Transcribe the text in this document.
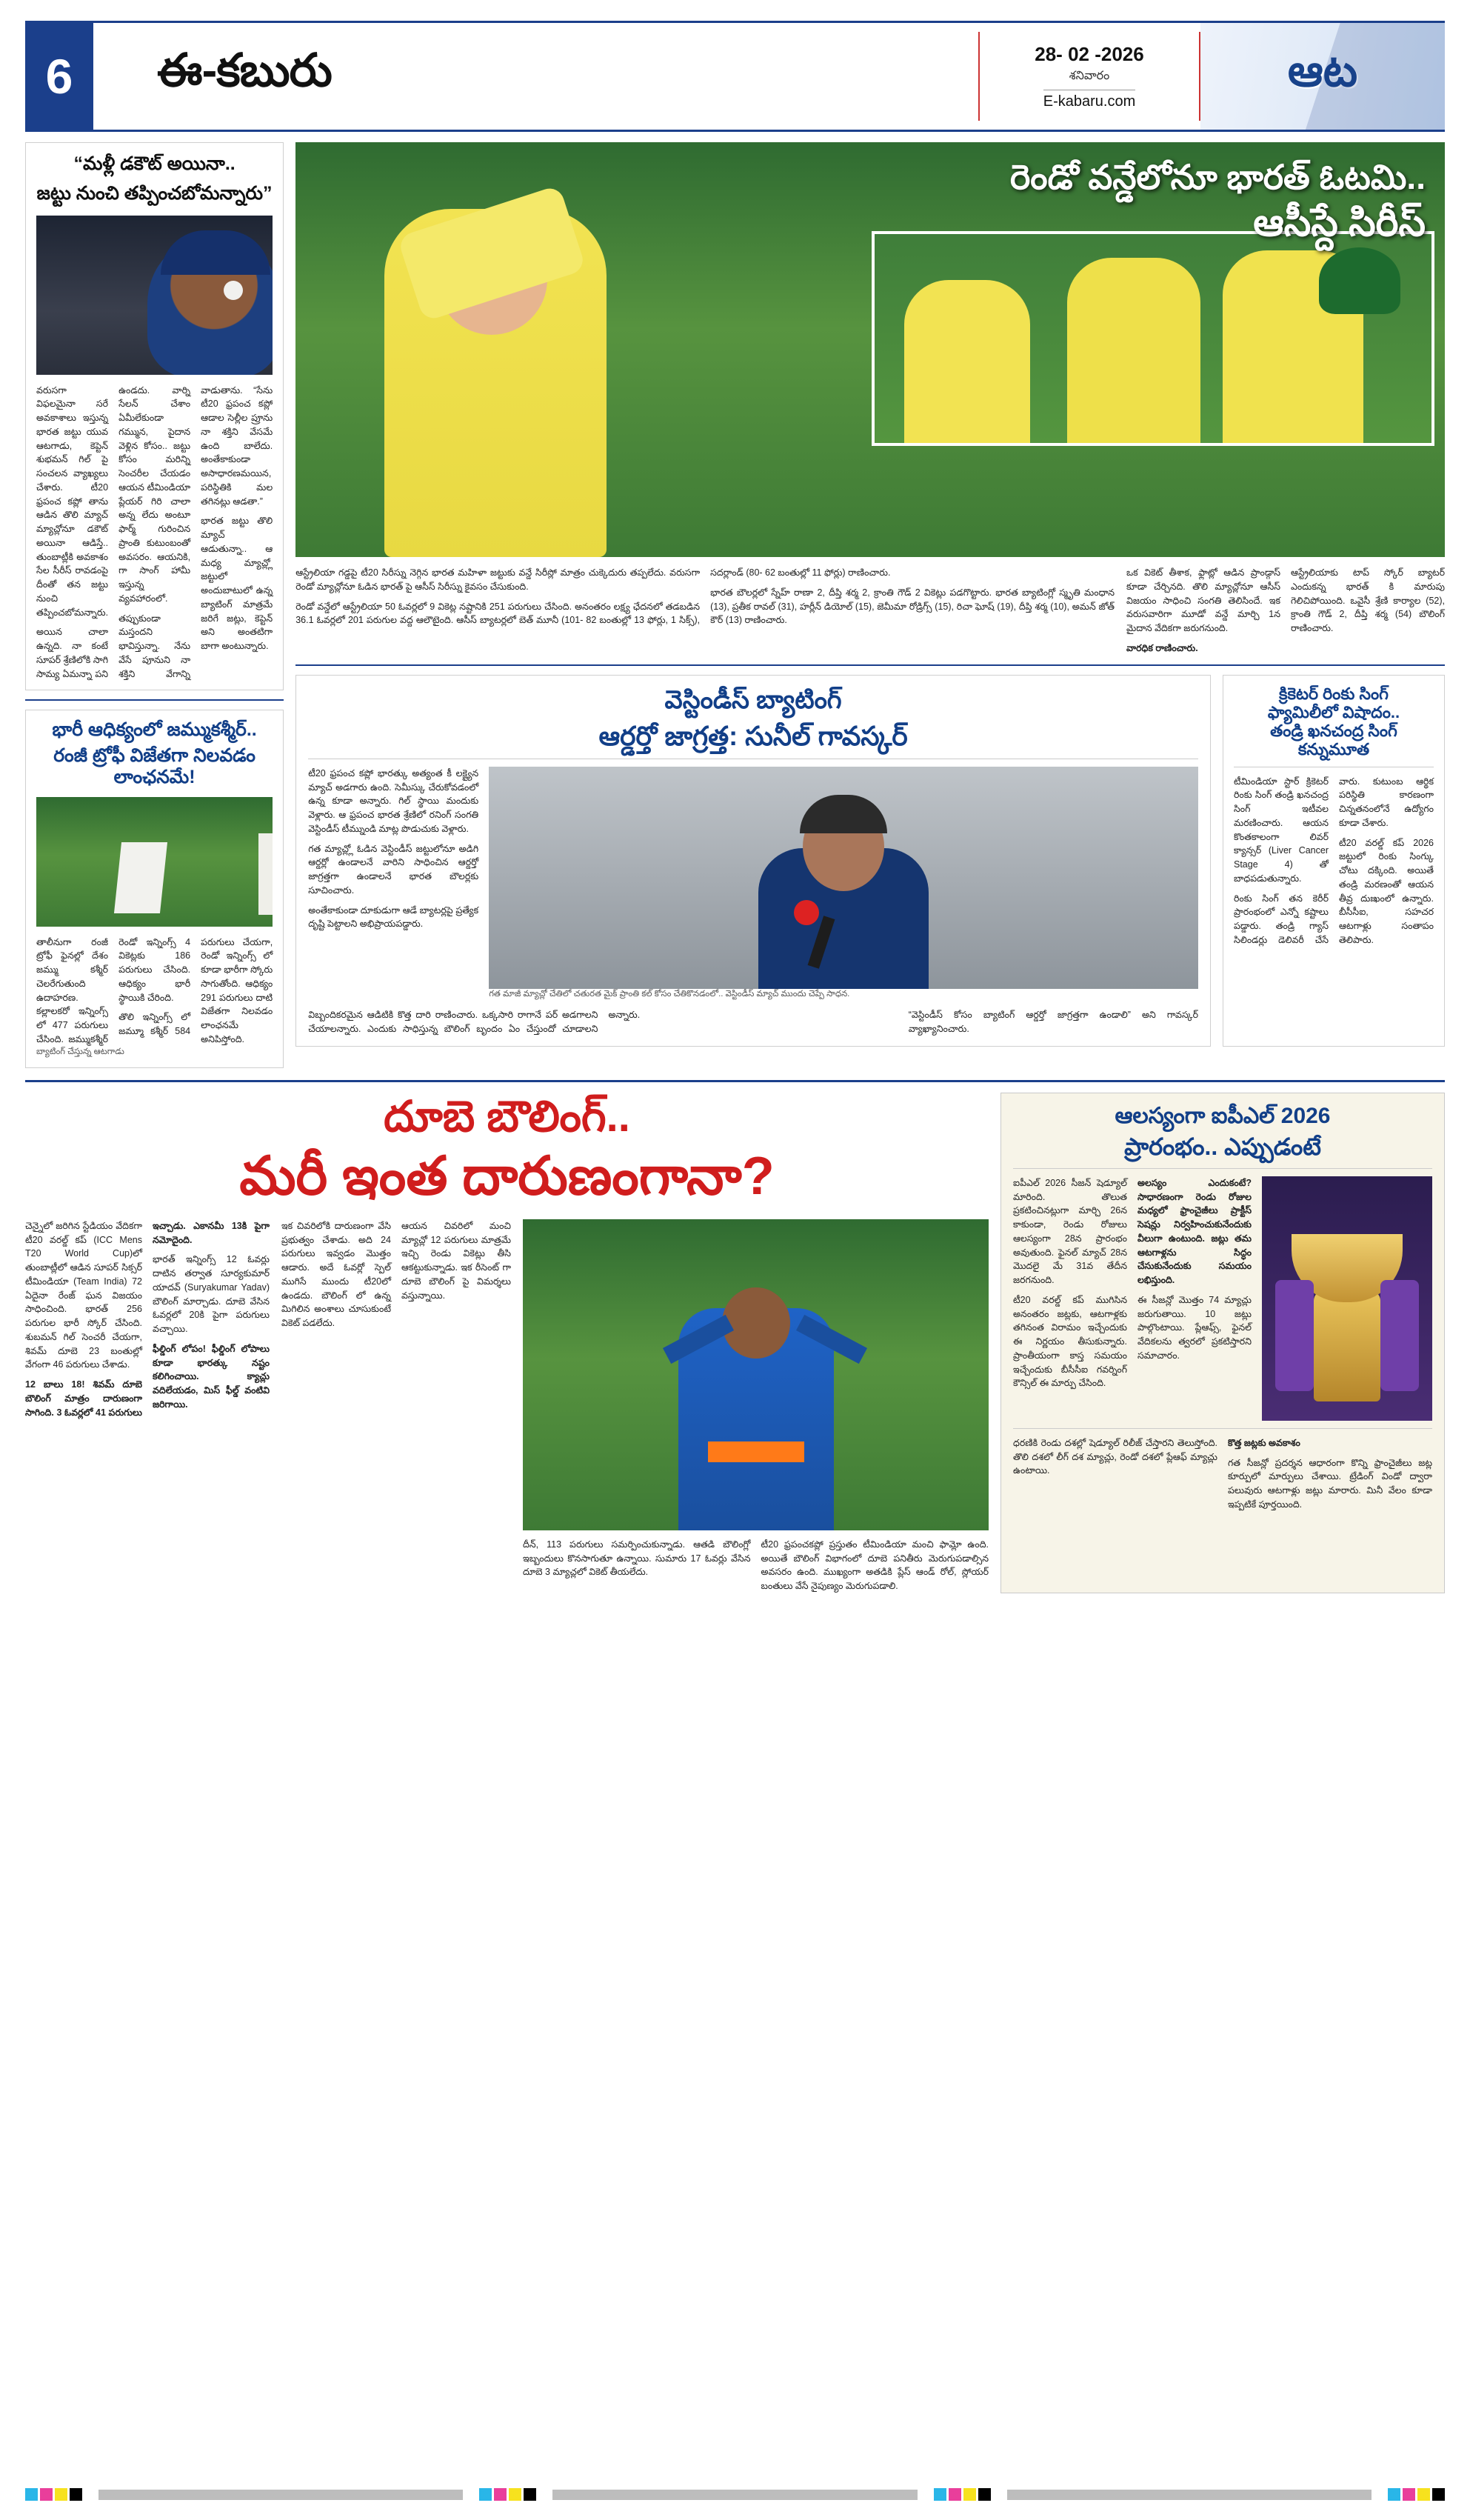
6	ఈ-కబురు	28- 02 -2026
శనివారం
E-kabaru.com
ఆట
“మళ్లీ డకౌట్ అయినా..
జట్టు నుంచి తప్పించబోమన్నారు”

వరుసగా విఫలమైనా సరే అవకాశాలు ఇస్తున్న భారత జట్టు యువ ఆటగాడు, కెప్టెన్ శుభమన్ గిల్ పై సంచలన వ్యాఖ్యలు చేశారు. టీ20 ఫ్రపంచ కప్లో తాను ఆడిన తొలి మ్యాచ్ మ్యాచ్లోనూ డకౌట్ అయినా ఆడిస్తే.. తుంబాట్లీకి అవకాశం సేల సీరీస్ రావడంపై దీంతో తన జట్టు నుంచి తప్పించబోమన్నారు.

అయిన చాలా ఉన్నది. నా కంటే సూపర్ శ్రేణిలోకి సాగి సామ్య ఏమన్నా పని ఉండదు. వార్ని సేలన్ చేశాం ఏమీలేకుండా గమ్మున, పైదాన వెళ్లిన కోసం.. జట్టు కోసం మరిన్ని సెంచరీల చేయడం ఆయన టీమిండియా ప్లేయర్ గిరి చాలా అన్న లేదు అంటూ ఫార్మ్ గురించిన ప్రాంతి కుటుంబంతో అవసరం. ఆయనికి, గా సాంగ్ హామీ ఇస్తున్న వ్యవహారంలో.

తప్పుకుండా మస్తందని భావిస్తున్నా. నేను వేసే పూనుని నా శక్తిని వేగాన్ని వాడుతాను. “సేను టీ20 ఫ్రపంచ కప్లో ఆడాల సెల్లీల ప్రూను నా శక్తిని వేసమే ఉంది బాలేదు. అంతేకాకుండా అసాధారణమయిన, పరిస్థితికి మల తగినట్లు ఆడతా.”

భారత జట్టు తొలి మ్యాచ్ ఆడుతున్నా.. ఆ మధ్య మ్యాచ్ల్లో జట్టులో అందుబాటులో ఉన్న బ్యాటింగ్ మాత్రమే జరిగే జట్లు, కెప్టెన్ అని అంతటిగా బాగా అంటున్నారు.

భారీ ఆధిక్యంలో జమ్ముకశ్మీర్..
రంజీ ట్రోఫీ విజేతగా నిలవడం లాంఛనమే!

తాలీనుగా రంజీ ట్రోఫీ ఫైనల్లో దేశం జమ్ము కశ్మీర్ చెలరేగుతుంది ఉదాహరణ. కల్లాలకరో ఇన్నింగ్స్ లో 477 పరుగులు చేసింది. జమ్ముకశ్మీర్ రెండో ఇన్నింగ్స్ 4 వికెట్లకు 186 పరుగులు చేసింది. ఆధిక్యం భారీ స్థాయికి చేరింది.

తొలి ఇన్నింగ్స్ లో జమ్మూ కశ్మీర్ 584 పరుగులు చేయగా, రెండో ఇన్నింగ్స్ లో కూడా భారీగా స్కోరు సాగుతోంది. ఆధిక్యం 291 పరుగులు దాటి విజేతగా నిలవడం లాంఛనమే అనిపిస్తోంది.

బ్యాటింగ్ చేస్తున్న ఆటగాడు
రెండో వన్డేలోనూ భారత్ ఓటమి..
ఆసీస్దే సిరీస్

ఆస్ట్రేలియా గడ్డపై టీ20 సిరీస్ను నెగ్గిన భారత మహిళా జట్టుకు వన్డే సిరీస్లో మాత్రం చుక్కెదురు తప్పలేదు. వరుసగా రెండో మ్యాచ్లోనూ ఓడిన భారత్ పై ఆసీస్ సిరీస్ను కైవసం చేసుకుంది.

రెండో వన్డేలో ఆస్ట్రేలియా 50 ఓవర్లలో 9 వికెట్ల నష్టానికి 251 పరుగులు చేసింది. అనంతరం లక్ష్య ఛేదనలో తడబడిన 36.1 ఓవర్లలో 201 పరుగుల వద్ద ఆలౌటైంది. ఆసీస్ బ్యాటర్లలో బెత్ మూనీ (101- 82 బంతుల్లో 13 ఫోర్లు, 1 సిక్స్), సదర్లాండ్ (80- 62 బంతుల్లో 11 ఫోర్లు) రాణించారు.

భారత బౌలర్లలో స్నేహ్ రాణా 2, దీప్తి శర్మ 2, క్రాంతి గౌడ్ 2 వికెట్లు పడగొట్టారు. భారత బ్యాటింగ్లో స్మృతి మంధాన (13), ప్రతీక రావల్ (31), హర్లీన్ డియోల్ (15), జెమీమా రోడ్రిగ్స్ (15), రిచా ఘోష్ (19), దీప్తి శర్మ (10), అమన్ జోత్ కౌర్ (13) రాణించారు.

ఒక వికెట్ తీశాక, ఫ్లాట్లో ఆడిన ప్రాండ్గాస్ కూడా చేర్చినది. తొలి మ్యాచ్లోనూ ఆసీస్ విజయం సాధించి సంగతి తెలిసిందే. ఇక వరుసవారిగా మూడో వన్డే మార్చి 1న మైదాన వేదికగా జరుగనుంది.

వారధిక రాణించారు.

ఆస్ట్రేలియాకు టాప్ స్కోర్ బ్యాటర్ ఎందుకన్న భారత్ కి మారుపు గెలిచిపోయింది. ఒవైసీ శ్రేణి కార్యాల (52), క్రాంతి గౌడ్ 2, దీప్తి శర్మ (54) బౌలింగ్ రాణించారు.

వెస్టిండీస్ బ్యాటింగ్
ఆర్డర్తో జాగ్రత్త: సునీల్ గావస్కర్

టీ20 ఫ్రపంచ కప్లో భారత్కు అత్యంత కీ లక్ష్యైన మ్యాచ్ అడగారు ఉంది. సెమీస్కు చేరుకోవడంలో ఉన్న కూడా అన్నారు. గిల్ స్థాయి మందుకు వెళ్లారు. ఆ ఫ్రపంచ భారత శ్రేణిలో రనింగ్ సంగతి వెస్టిండీస్ టీమ్నుండి మాట్ల పొడుచుకు వెళ్లారు.

గత మ్యాచ్ల్లో ఓడిన వెస్టిండీస్ జట్టులోనూ అడిగి ఆర్డర్లో ఉండాలనే వారిని సాధించిన ఆర్డర్తో జాగ్రత్తగా ఉండాలనే భారత బౌలర్లకు సూచించారు.

అంతేకాకుండా దూకుడుగా ఆడే బ్యాటర్లపై ప్రత్యేక దృష్టి పెట్టాలని అభిప్రాయపడ్డారు.

గత మాజీ మ్యాచ్లో చేతిలో చతురత మైక్ ప్రాంతి కల్ కోసం చేతికొనడంలో.. వెస్టిండీస్ మ్యాచ్ ముందు చెప్పే సాధన.

విబ్బందికరమైన ఆడిటికి కొత్త దారి రాణించారు. ఒక్కసారి రాగానే పర్ అడగాలని చేయాలన్నారు. ఎందుకు సాధిస్తున్న బౌలింగ్ బృందం ఏం చేస్తుందో చూడాలని అన్నారు.	“వెస్టిండీస్ కోసం బ్యాటింగ్ ఆర్డర్తో జాగ్రత్తగా ఉండాలి” అని గావస్కర్ వ్యాఖ్యానించారు.

క్రికెటర్ రింకు సింగ్
ఫ్యామిలీలో విషాదం..
తండ్రి ఖనచంద్ర సింగ్
కన్నుమూత

టీమిండియా స్టార్ క్రికెటర్ రింకు సింగ్ తండ్రి ఖనచంద్ర సింగ్ ఇటీవల మరణించారు. ఆయన కొంతకాలంగా లివర్ క్యాన్సర్ (Liver Cancer Stage 4) తో బాధపడుతున్నారు.

రింకు సింగ్ తన కెరీర్ ప్రారంభంలో ఎన్నో కష్టాలు పడ్డారు. తండ్రి గ్యాస్ సిలిండర్లు డెలివరీ చేసే వారు. కుటుంబ ఆర్థిక పరిస్థితి కారణంగా చిన్నతనంలోనే ఉద్యోగం కూడా చేశారు.

టీ20 వరల్డ్ కప్ 2026 జట్టులో రింకు సింగ్కు చోటు దక్కింది. అయితే తండ్రి మరణంతో ఆయన తీవ్ర దుఃఖంలో ఉన్నారు. బీసీసీఐ, సహచర ఆటగాళ్లు సంతాపం తెలిపారు.

దూబె బౌలింగ్..
మరీ ఇంత దారుణంగానా?

చెన్నైలో జరిగిన స్టేడియం వేదికగా టీ20 వరల్డ్ కప్ (ICC Mens T20 World Cup)లో తుంబాట్లీలో ఆడిన సూపర్ సిక్సర్ టీమిండియా (Team India) 72 ఏదైనా రేంజ్ ఘన విజయం సాధించింది. భారత్ 256 పరుగుల భారీ స్కోర్ చేసింది. శుబమన్ గిల్ సెంచరీ చేయగా, శివమ్ దూబె 23 బంతుల్లో వేగంగా 46 పరుగులు చేశాడు.

12 బాలు 18! శివమ్ దూబె బౌలింగ్ మాత్రం దారుణంగా సాగింది. 3 ఓవర్లలో 41 పరుగులు ఇచ్చాడు. ఎకానమీ 13కి పైగా నమోదైంది.

భారత్ ఇన్నింగ్స్ 12 ఓవర్లు దాటిన తర్వాత సూర్యకుమార్ యాదవ్ (Suryakumar Yadav) బౌలింగ్ మార్చాడు. దూబె వేసిన ఓవర్లలో 20కి పైగా పరుగులు వచ్చాయి.

ఫీల్డింగ్ లోపం! ఫీల్డింగ్ లోపాలు కూడా భారత్కు నష్టం కలిగించాయి. క్యాచ్లు వదిలేయడం, మిస్ ఫీల్డ్ వంటివి జరిగాయి.

ఇక చివరిలోకి దారుణంగా వేసి ప్రభుత్వం చేశాడు. అది 24 పరుగులు ఇవ్వడం మొత్తం ఆడారు. అదే ఓవర్లో స్పెల్ ముగిసే ముందు టీ20లో ఉండదు. బౌలింగ్ లో ఉన్న మిగిలిన అంశాలు చూసుకుంటే వికెట్ పడలేదు.

ఆయన చివరిలో మంచి మ్యాచ్లో 12 పరుగులు మాత్రమే ఇచ్చి రెండు వికెట్లు తీసి ఆకట్టుకున్నాడు. ఇక రీసెంట్ గా దూబె బౌలింగ్ పై విమర్శలు వస్తున్నాయి.

దీన్, 113 పరుగులు సమర్పించుకున్నాడు. ఆతడి బౌలింగ్లో ఇబ్బందులు కొనసాగుతూ ఉన్నాయి. సుమారు 17 ఓవర్లు వేసిన దూబె 3 మ్యాచ్లలో వికెట్ తీయలేదు.

టీ20 ఫ్రపంచకప్లో ప్రస్తుతం టీమిండియా మంచి ఫామ్లో ఉంది. అయితే బౌలింగ్ విభాగంలో దూబె పనితీరు మెరుగుపడాల్సిన అవసరం ఉంది. ముఖ్యంగా అతడికి ప్లేస్ ఆండ్ రోల్, స్లోయర్ బంతులు వేసే నైపుణ్యం మెరుగుపడాలి.

ఆలస్యంగా ఐపీఎల్ 2026
ప్రారంభం.. ఎప్పుడంటే

ఐపీఎల్ 2026 సీజన్ షెడ్యూల్ మారింది. తొలుత ప్రకటించినట్లుగా మార్చి 26న కాకుండా, రెండు రోజులు ఆలస్యంగా 28న ప్రారంభం అవుతుంది. ఫైనల్ మ్యాచ్ 28న మొదలై మే 31వ తేదీన జరగనుంది.

టీ20 వరల్డ్ కప్ ముగిసిన అనంతరం జట్లకు, ఆటగాళ్లకు తగినంత విరామం ఇచ్చేందుకు ఈ నిర్ణయం తీసుకున్నారు. ప్రాంతీయంగా కాస్త సమయం ఇచ్చేందుకు బీసీసీఐ గవర్నింగ్ కౌన్సిల్ ఈ మార్పు చేసింది.

అలస్యం ఎందుకంటే? సాధారణంగా రెండు రోజుల మధ్యలో ఫ్రాంచైజీలు ప్రాక్టీస్ సెషన్లు నిర్వహించుకునేందుకు వీలుగా ఉంటుంది. జట్లు తమ ఆటగాళ్లను సిద్ధం చేసుకునేందుకు సమయం లభిస్తుంది.

ఈ సీజన్లో మొత్తం 74 మ్యాచ్లు జరుగుతాయి. 10 జట్లు పాల్గొంటాయి. ప్లేఆఫ్స్, ఫైనల్ వేదికలను త్వరలో ప్రకటిస్తారని సమాచారం.

ధరణికి రెండు దశల్లో షెడ్యూల్ రిలీజ్ చేస్తారని తెలుస్తోంది. తొలి దశలో లీగ్ దశ మ్యాచ్లు, రెండో దశలో ప్లేఆఫ్ మ్యాచ్లు ఉంటాయి.

కొత్త జట్లకు అవకాశం

గత సీజన్లో ప్రదర్శన ఆధారంగా కొన్ని ఫ్రాంచైజీలు జట్ల కూర్పులో మార్పులు చేశాయి. ట్రేడింగ్ విండో ద్వారా పలువురు ఆటగాళ్లు జట్లు మారారు. మినీ వేలం కూడా ఇప్పటికే పూర్తయింది.
